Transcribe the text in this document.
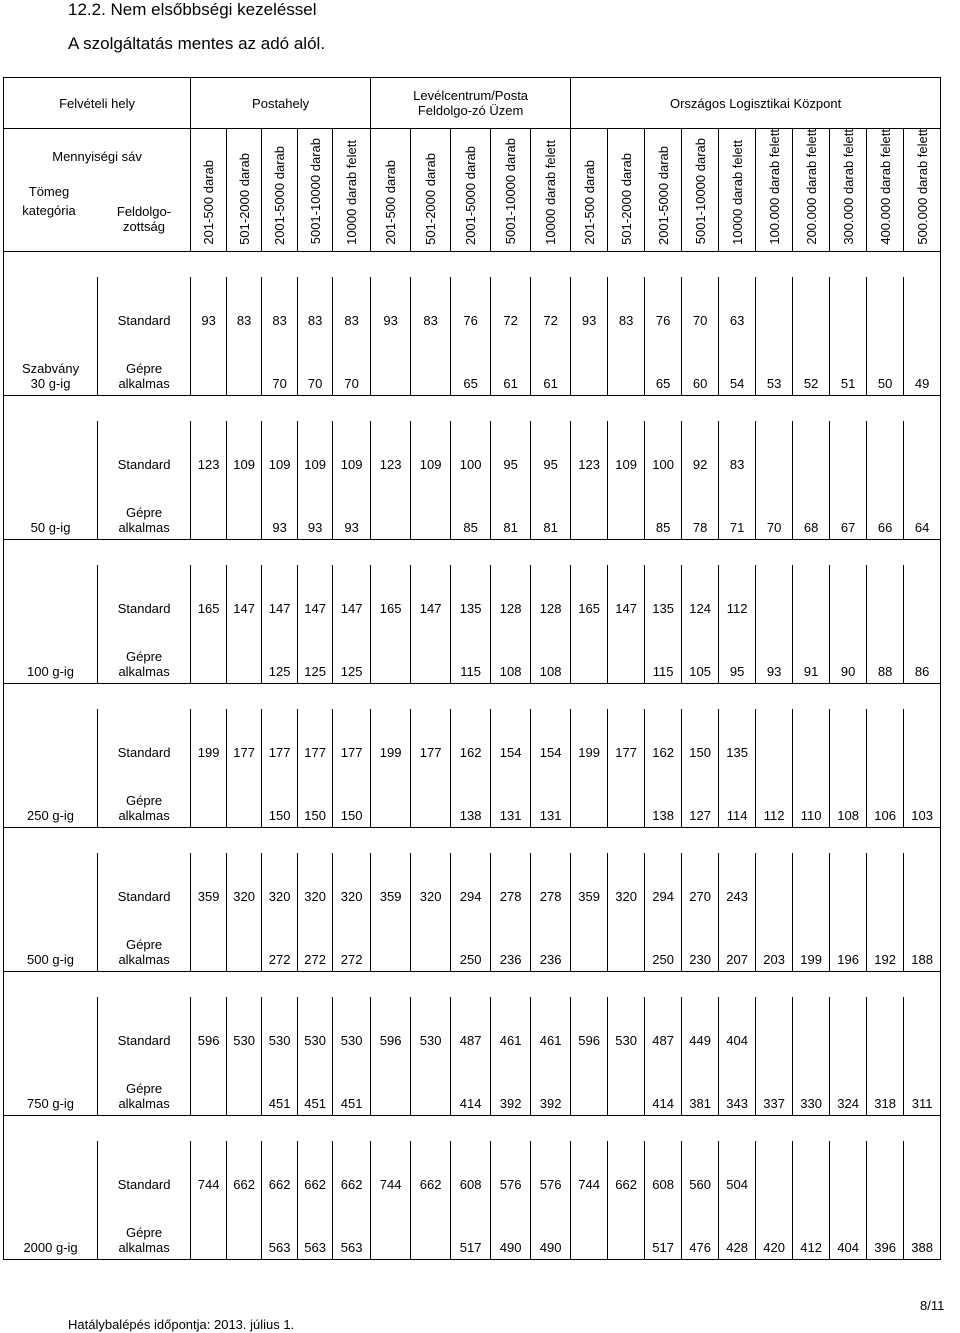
12.2. Nem elsőbbségi kezeléssel
A szolgáltatás mentes az adó alól.
Felvételi hely		Postahely					Levélcentrum/Posta Feldolgo-zó Üzem					Országos Logisztikai Központ									

Mennyiségi sáv
Tömeg kategória Feldolgo-zottság		201-500 darab	501-2000 darab	2001-5000 darab	5001-10000 darab	10000 darab felett	201-500 darab	501-2000 darab	2001-5000 darab	5001-10000 darab	10000 darab felett	201-500 darab	501-2000 darab	2001-5000 darab	5001-10000 darab	10000 darab felett	100.000 darab felett	200.000 darab felett	300.000 darab felett	400.000 darab felett	500.000 darab felett

Szabvány 30 g-ig	Standard	93	83	83	83	83	93	83	76	72	72	93	83	76	70	63					

	Gépre alkalmas			70	70	70			65	61	61			65	60	54	53	52	51	50	49

50 g-ig	Standard	123	109	109	109	109	123	109	100	95	95	123	109	100	92	83					

	Gépre alkalmas			93	93	93			85	81	81			85	78	71	70	68	67	66	64

100 g-ig	Standard	165	147	147	147	147	165	147	135	128	128	165	147	135	124	112					

	Gépre alkalmas			125	125	125			115	108	108			115	105	95	93	91	90	88	86

250 g-ig	Standard	199	177	177	177	177	199	177	162	154	154	199	177	162	150	135					

	Gépre alkalmas			150	150	150			138	131	131			138	127	114	112	110	108	106	103

500 g-ig	Standard	359	320	320	320	320	359	320	294	278	278	359	320	294	270	243					

	Gépre alkalmas			272	272	272			250	236	236			250	230	207	203	199	196	192	188

750 g-ig	Standard	596	530	530	530	530	596	530	487	461	461	596	530	487	449	404					

	Gépre alkalmas			451	451	451			414	392	392			414	381	343	337	330	324	318	311

2000 g-ig	Standard	744	662	662	662	662	744	662	608	576	576	744	662	608	560	504					

	Gépre alkalmas			563	563	563			517	490	490			517	476	428	420	412	404	396	388
Hatálybalépés időpontja: 2013. július 1.
8/11
